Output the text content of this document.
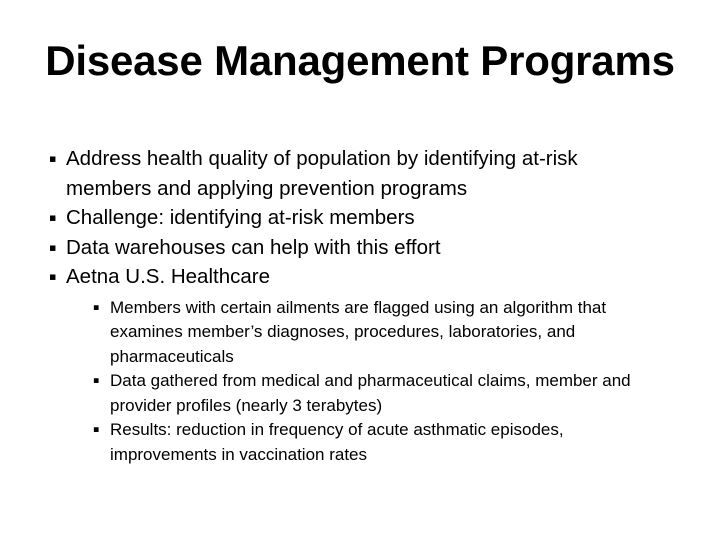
Disease Management Programs
▪ Address health quality of population by identifying at-risk members and applying prevention programs
▪ Challenge: identifying at-risk members
▪ Data warehouses can help with this effort
▪ Aetna U.S. Healthcare
▪ Members with certain ailments are flagged using an algorithm that examines member’s diagnoses, procedures, laboratories, and pharmaceuticals
▪ Data gathered from medical and pharmaceutical claims, member and provider profiles (nearly 3 terabytes)
▪ Results: reduction in frequency of acute asthmatic episodes, improvements in vaccination rates
